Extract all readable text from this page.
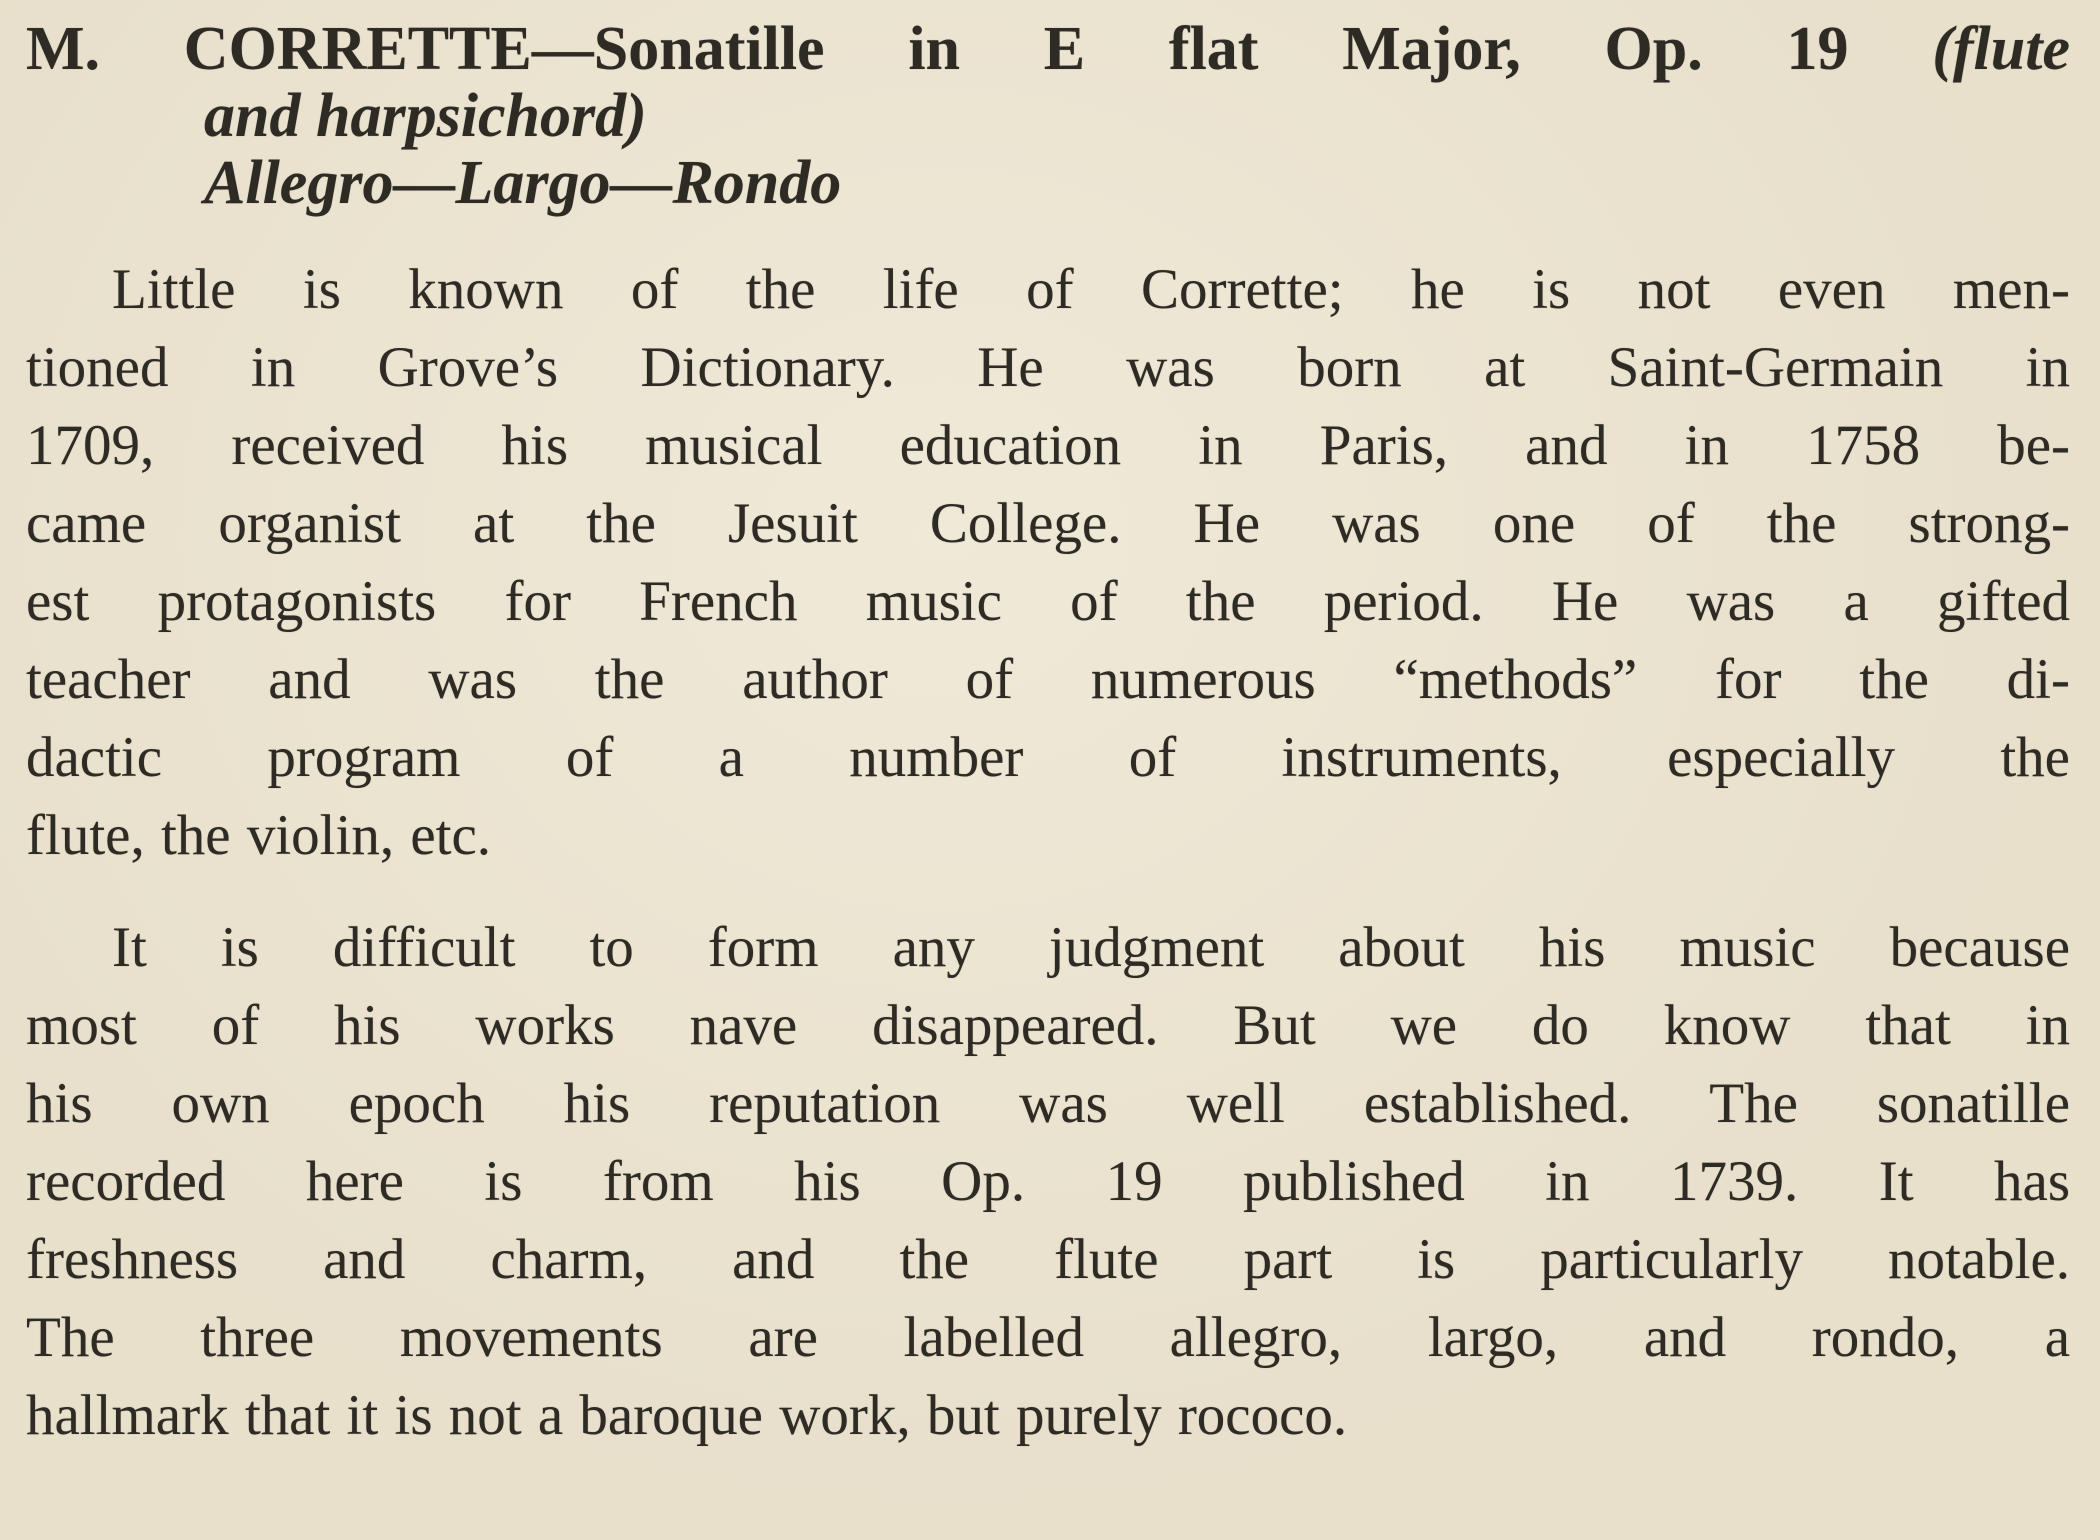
M. CORRETTE—Sonatille in E flat Major, Op. 19 (flute
and harpsichord)
Allegro—Largo—Rondo

Little is known of the life of Corrette; he is not even men-

tioned in Grove’s Dictionary. He was born at Saint-Germain in

1709, received his musical education in Paris, and in 1758 be-

came organist at the Jesuit College. He was one of the strong-

est protagonists for French music of the period. He was a gifted

teacher and was the author of numerous “methods” for the di-

dactic program of a number of instruments, especially the

flute, the violin, etc.

It is difficult to form any judgment about his music because

most of his works nave disappeared. But we do know that in

his own epoch his reputation was well established. The sonatille

recorded here is from his Op. 19 published in 1739. It has

freshness and charm, and the flute part is particularly notable.

The three movements are labelled allegro, largo, and rondo, a

hallmark that it is not a baroque work, but purely rococo.
